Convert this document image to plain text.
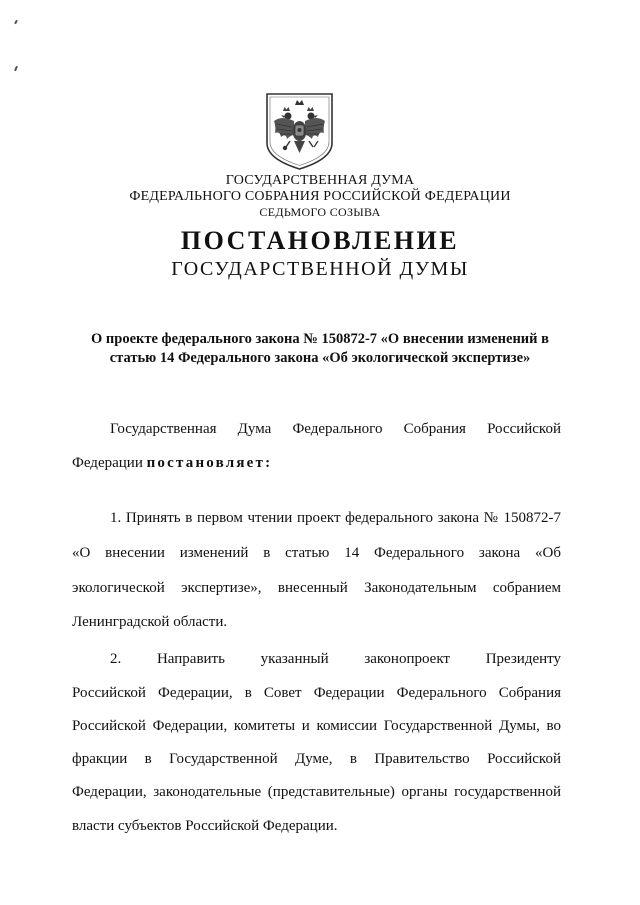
ГОСУДАРСТВЕННАЯ ДУМА
ФЕДЕРАЛЬНОГО СОБРАНИЯ РОССИЙСКОЙ ФЕДЕРАЦИИ
СЕДЬМОГО СОЗЫВА
ПОСТАНОВЛЕНИЕ
ГОСУДАРСТВЕННОЙ ДУМЫ
О проекте федерального закона № 150872-7 «О внесении изменений в
статью 14 Федерального закона «Об экологической экспертизе»
Государственная Дума Федерального Собрания Российской
Федерации постановляет:
1. Принять в первом чтении проект федерального закона № 150872-7
«О внесении изменений в статью 14 Федерального закона «Об
экологической экспертизе», внесенный Законодательным собранием
Ленинградской области.
2. Направить указанный законопроект Президенту
Российской Федерации, в Совет Федерации Федерального Собрания
Российской Федерации, комитеты и комиссии Государственной Думы, во
фракции в Государственной Думе, в Правительство Российской
Федерации, законодательные (представительные) органы государственной
власти субъектов Российской Федерации.
